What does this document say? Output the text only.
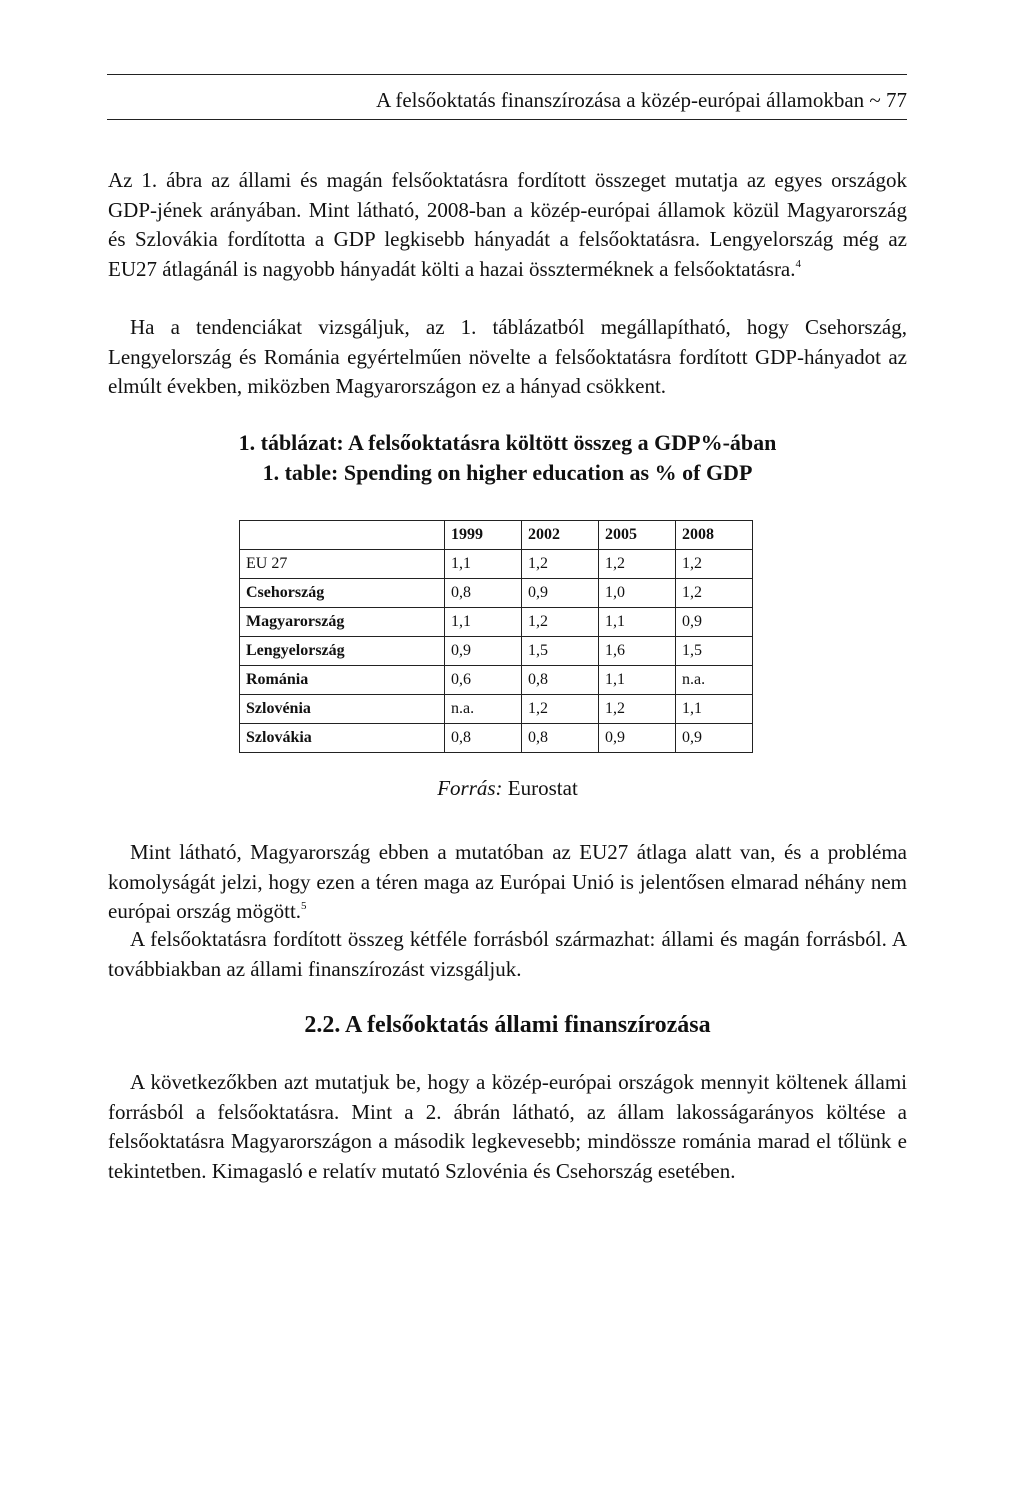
A felsőoktatás finanszírozása a közép-európai államokban ~ 77

Az 1. ábra az állami és magán felsőoktatásra fordított összeget mutatja az egyes országok GDP-jének arányában. Mint látható, 2008-ban a közép-európai államok közül Magyarország és Szlovákia fordította a GDP legkisebb hányadát a felsőoktatásra. Lengyelország még az EU27 átlagánál is nagyobb hányadát költi a hazai összterméknek a felsőoktatásra.$^4$

Ha a tendenciákat vizsgáljuk, az 1. táblázatból megállapítható, hogy Csehország, Lengyelország és Románia egyértelműen növelte a felsőoktatásra fordított GDP-hányadot az elmúlt években, miközben Magyarországon ez a hányad csökkent.

1. táblázat: A felsőoktatásra költött összeg a GDP%-ában

1. table: Spending on higher education as % of GDP

	1999	2002	2005	2008
EU 27	1,1	1,2	1,2	1,2
Csehország	0,8	0,9	1,0	1,2
Magyarország	1,1	1,2	1,1	0,9
Lengyelország	0,9	1,5	1,6	1,5
Románia	0,6	0,8	1,1	n.a.
Szlovénia	n.a.	1,2	1,2	1,1
Szlovákia	0,8	0,8	0,9	0,9
Forrás: Eurostat

Mint látható, Magyarország ebben a mutatóban az EU27 átlaga alatt van, és a probléma komolyságát jelzi, hogy ezen a téren maga az Európai Unió is jelentősen elmarad néhány nem európai ország mögött.$^5$

A felsőoktatásra fordított összeg kétféle forrásból származhat: állami és magán forrásból. A továbbiakban az állami finanszírozást vizsgáljuk.

2.2. A felsőoktatás állami finanszírozása

A következőkben azt mutatjuk be, hogy a közép-európai országok mennyit költenek állami forrásból a felsőoktatásra. Mint a 2. ábrán látható, az állam lakosságarányos költése a felsőoktatásra Magyarországon a második legkevesebb; mindössze románia marad el tőlünk e tekintetben. Kimagasló e relatív mutató Szlovénia és Csehország esetében.
